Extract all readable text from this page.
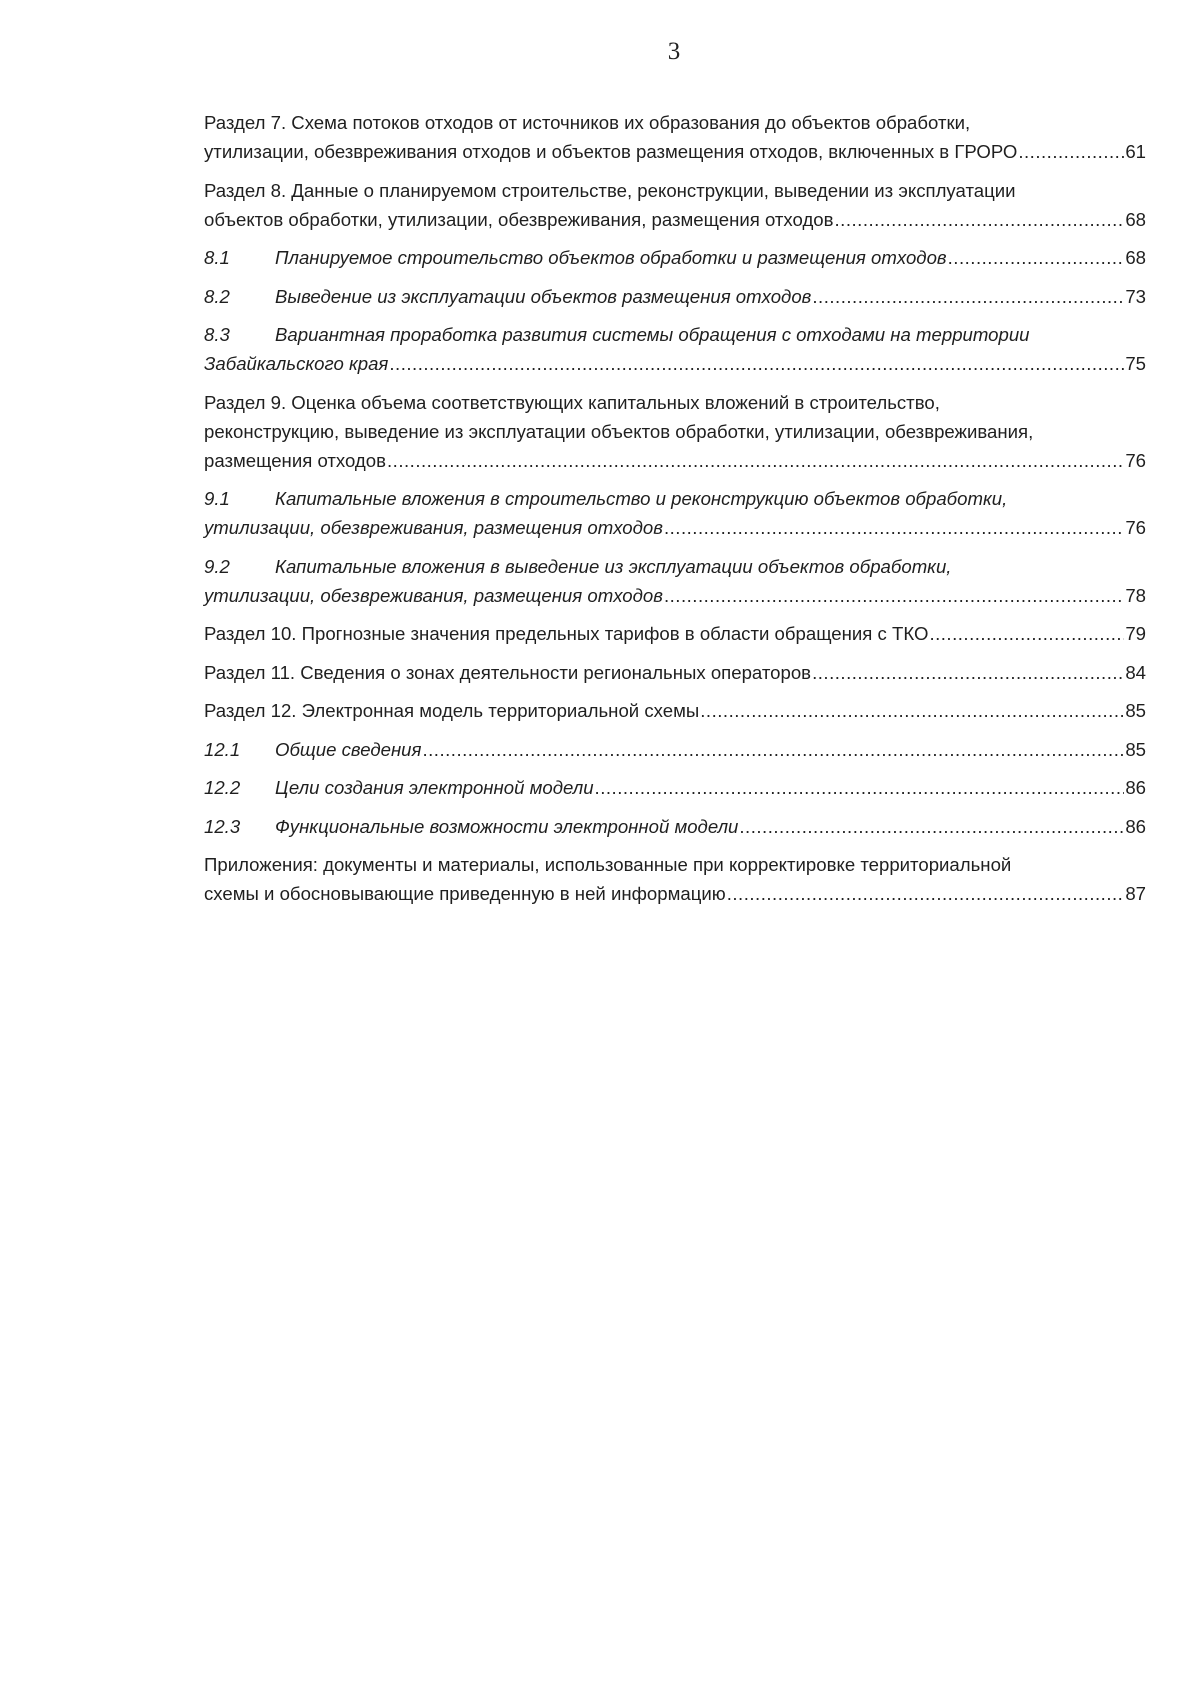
3
Раздел 7. Схема потоков отходов от источников их образования до объектов обработки,
утилизации, обезвреживания отходов и объектов размещения отходов, включенных в ГРОРО .....	61
Раздел 8. Данные о планируемом строительстве, реконструкции, выведении из эксплуатации
объектов обработки, утилизации, обезвреживания, размещения отходов .....	68
8.1	Планируемое строительство объектов обработки и размещения отходов .....	68
8.2	Выведение из эксплуатации объектов размещения отходов .....	73
8.3 Вариантная проработка развития системы обращения с отходами на территории
Забайкальского края .....	75
Раздел 9. Оценка объема соответствующих капитальных вложений в строительство,
реконструкцию, выведение из эксплуатации объектов обработки, утилизации, обезвреживания,
размещения отходов .....	76
9.1 Капитальные вложения в строительство и реконструкцию объектов обработки,
утилизации, обезвреживания, размещения отходов .....	76
9.2 Капитальные вложения в выведение из эксплуатации объектов обработки,
утилизации, обезвреживания, размещения отходов .....	78
Раздел 10. Прогнозные значения предельных тарифов в области обращения с ТКО .....	79
Раздел 11. Сведения о зонах деятельности региональных операторов .....	84
Раздел 12. Электронная модель территориальной схемы .....	85
12.1	Общие сведения .....	85
12.2	Цели создания электронной модели .....	86
12.3	Функциональные возможности электронной модели .....	86
Приложения: документы и материалы, использованные при корректировке территориальной
схемы и обосновывающие приведенную в ней информацию .....	87
